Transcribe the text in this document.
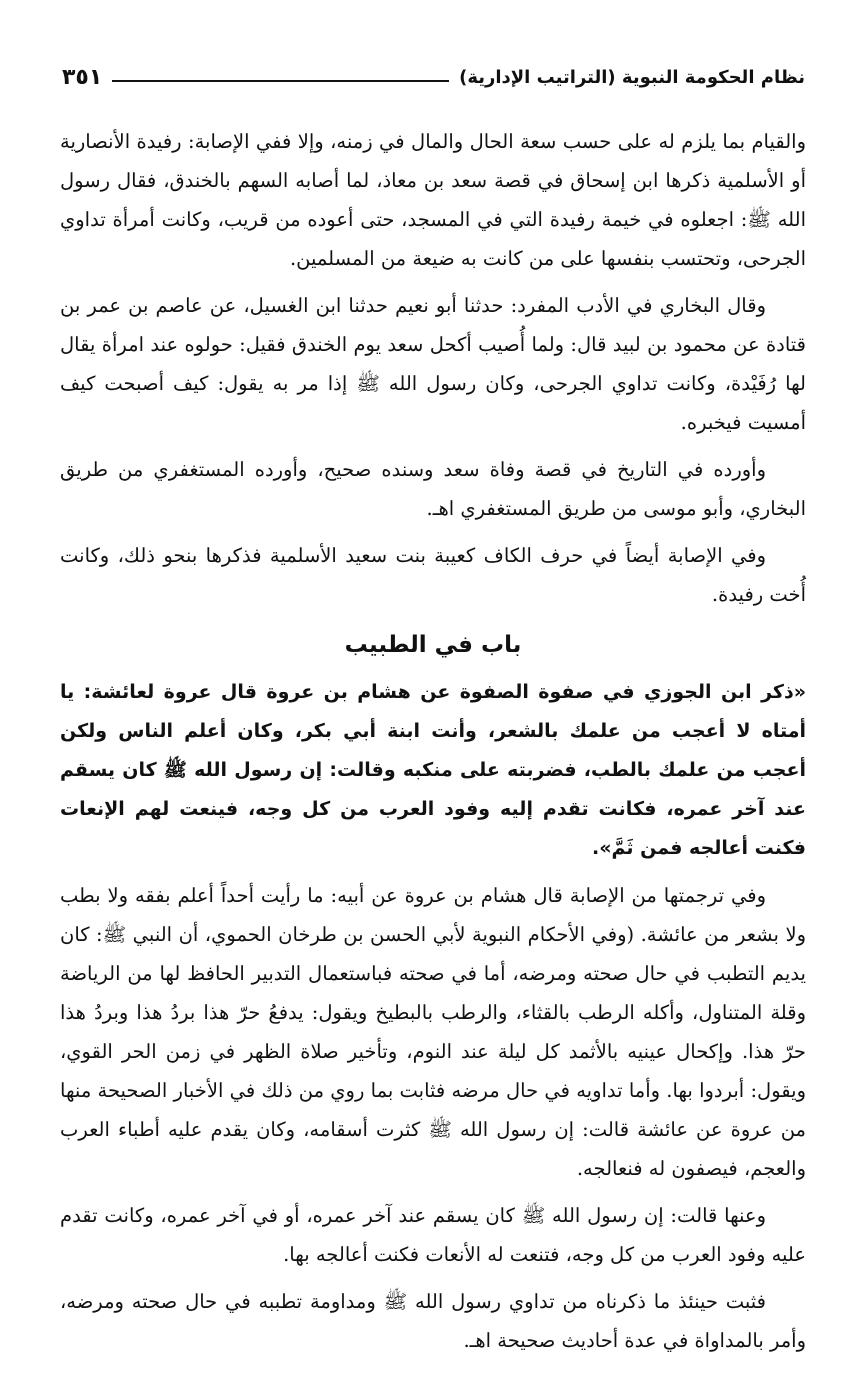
نظام الحكومة النبوية (التراتيب الإدارية)
٣٥١

والقيام بما يلزم له على حسب سعة الحال والمال في زمنه، وإلا ففي الإصابة: رفيدة الأنصارية أو الأسلمية ذكرها ابن إسحاق في قصة سعد بن معاذ، لما أصابه السهم بالخندق، فقال رسول الله ﷺ: اجعلوه في خيمة رفيدة التي في المسجد، حتى أعوده من قريب، وكانت أمرأة تداوي الجرحى، وتحتسب بنفسها على من كانت به ضيعة من المسلمين.

وقال البخاري في الأدب المفرد: حدثنا أبو نعيم حدثنا ابن الغسيل، عن عاصم بن عمر بن قتادة عن محمود بن لبيد قال: ولما أُصيب أكحل سعد يوم الخندق فقيل: حولوه عند امرأة يقال لها رُفَيْدة، وكانت تداوي الجرحى، وكان رسول الله ﷺ إذا مر به يقول: كيف أصبحت كيف أمسيت فيخبره.

وأورده في التاريخ في قصة وفاة سعد وسنده صحيح، وأورده المستغفري من طريق البخاري، وأبو موسى من طريق المستغفري اهـ.

وفي الإصابة أيضاً في حرف الكاف كعيبة بنت سعيد الأسلمية فذكرها بنحو ذلك، وكانت أُخت رفيدة.

باب في الطبيب

«ذكر ابن الجوزي في صفوة الصفوة عن هشام بن عروة قال عروة لعائشة: يا أمتاه لا أعجب من علمك بالشعر، وأنت ابنة أبي بكر، وكان أعلم الناس ولكن أعجب من علمك بالطب، فضربته على منكبه وقالت: إن رسول الله ﷺ كان يسقم عند آخر عمره، فكانت تقدم إليه وفود العرب من كل وجه، فينعت لهم الإنعات فكنت أعالجه فمن ثَمَّ».

وفي ترجمتها من الإصابة قال هشام بن عروة عن أبيه: ما رأيت أحداً أعلم بفقه ولا بطب ولا بشعر من عائشة. (وفي الأحكام النبوية لأبي الحسن بن طرخان الحموي، أن النبي ﷺ: كان يديم التطبب في حال صحته ومرضه، أما في صحته فباستعمال التدبير الحافظ لها من الرياضة وقلة المتناول، وأكله الرطب بالقثاء، والرطب بالبطيخ ويقول: يدفعُ حرّ هذا بردُ هذا وبردُ هذا حرّ هذا. وإكحال عينيه بالأثمد كل ليلة عند النوم، وتأخير صلاة الظهر في زمن الحر القوي، ويقول: أبردوا بها. وأما تداويه في حال مرضه فثابت بما روي من ذلك في الأخبار الصحيحة منها من عروة عن عائشة قالت: إن رسول الله ﷺ كثرت أسقامه، وكان يقدم عليه أطباء العرب والعجم، فيصفون له فنعالجه.

وعنها قالت: إن رسول الله ﷺ كان يسقم عند آخر عمره، أو في آخر عمره، وكانت تقدم عليه وفود العرب من كل وجه، فتنعت له الأنعات فكنت أعالجه بها.

فثبت حينئذ ما ذكرناه من تداوي رسول الله ﷺ ومداومة تطببه في حال صحته ومرضه، وأمر بالمداواة في عدة أحاديث صحيحة اهـ.
